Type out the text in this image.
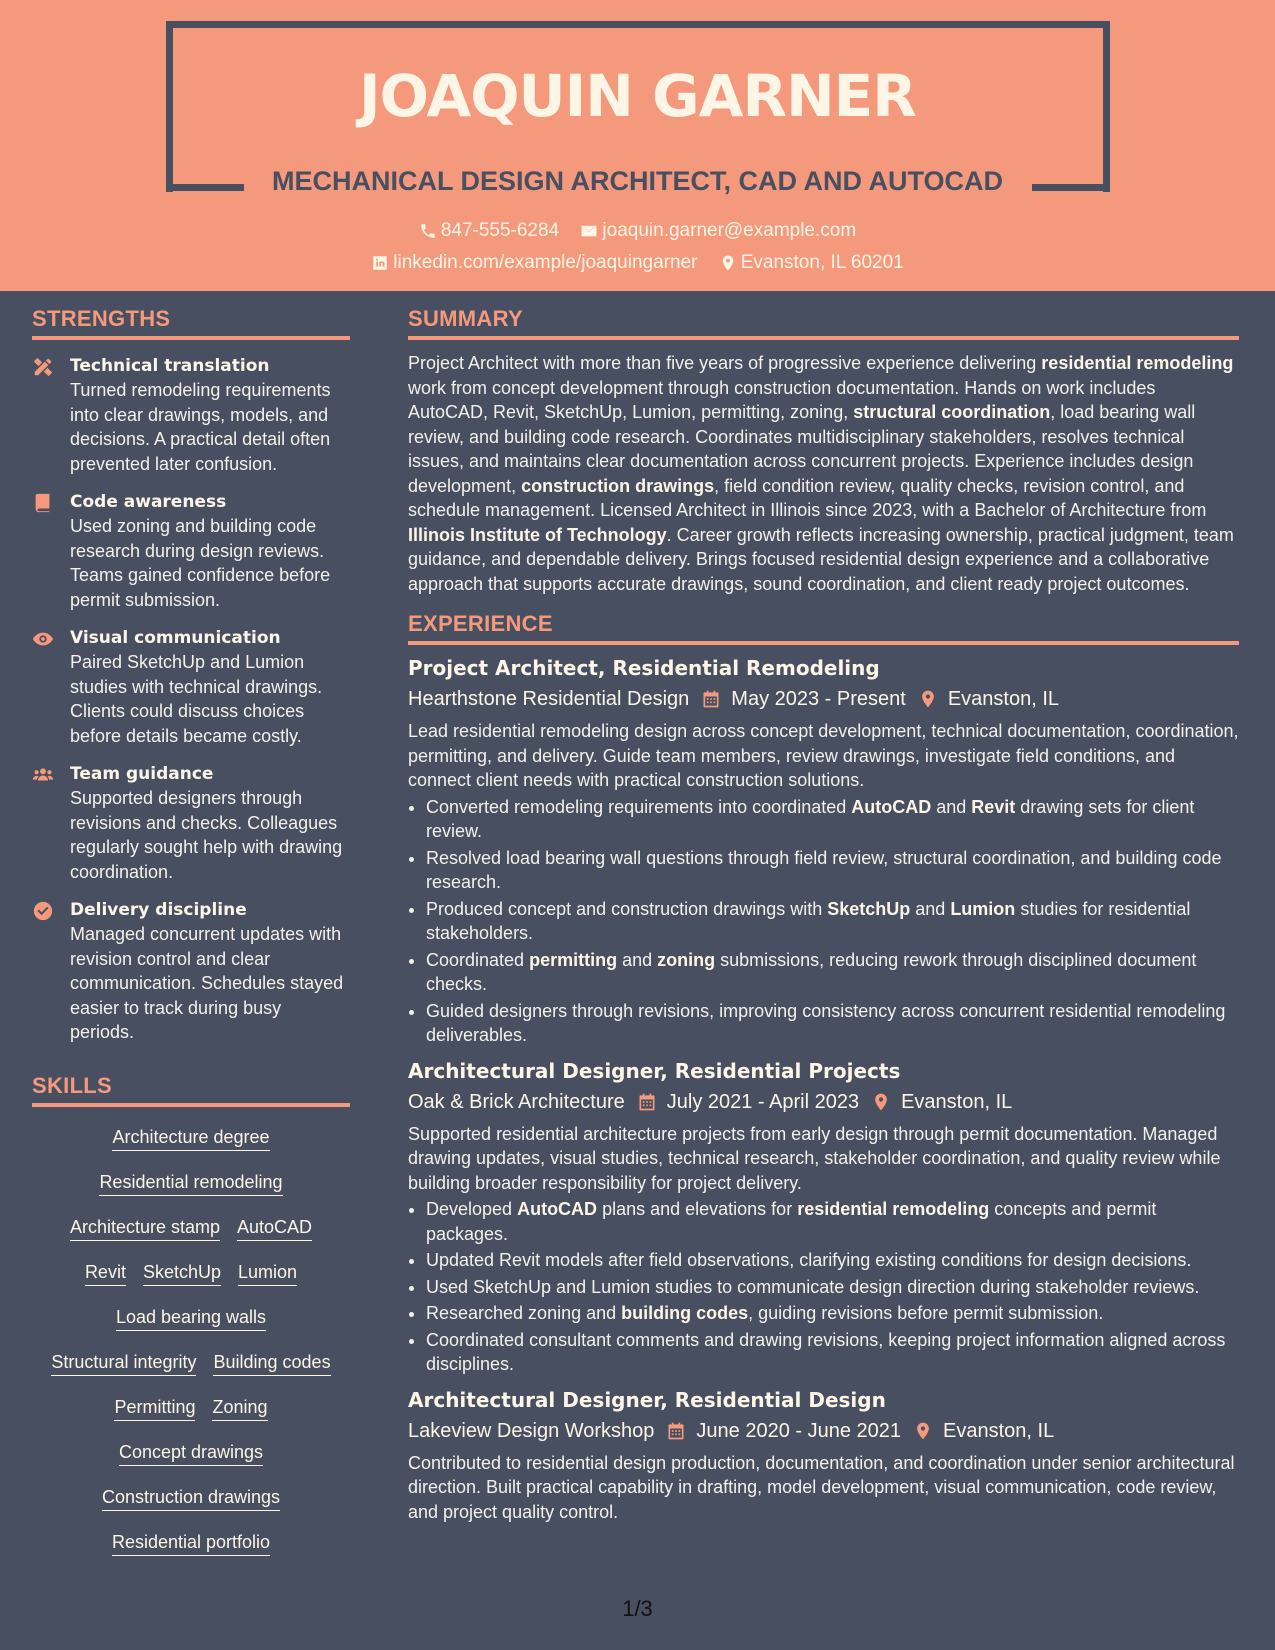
JOAQUIN GARNER
MECHANICAL DESIGN ARCHITECT, CAD AND AUTOCAD
847-555-6284
joaquin.garner@example.com
linkedin.com/example/joaquingarner
Evanston, IL 60201
STRENGTHS
Technical translation
Turned remodeling requirements into clear drawings, models, and decisions. A practical detail often prevented later confusion.
Code awareness
Used zoning and building code research during design reviews. Teams gained confidence before permit submission.
Visual communication
Paired SketchUp and Lumion studies with technical drawings. Clients could discuss choices before details became costly.
Team guidance
Supported designers through revisions and checks. Colleagues regularly sought help with drawing coordination.
Delivery discipline
Managed concurrent updates with revision control and clear communication. Schedules stayed easier to track during busy periods.
SKILLS
Architecture degree
Residential remodeling
Architecture stamp AutoCAD
Revit SketchUp Lumion
Load bearing walls
Structural integrity Building codes
Permitting Zoning
Concept drawings
Construction drawings
Residential portfolio
SUMMARY
Project Architect with more than five years of progressive experience delivering residential remodeling work from concept development through construction documentation. Hands on work includes AutoCAD, Revit, SketchUp, Lumion, permitting, zoning, structural coordination, load bearing wall review, and building code research. Coordinates multidisciplinary stakeholders, resolves technical issues, and maintains clear documentation across concurrent projects. Experience includes design development, construction drawings, field condition review, quality checks, revision control, and schedule management. Licensed Architect in Illinois since 2023, with a Bachelor of Architecture from Illinois Institute of Technology. Career growth reflects increasing ownership, practical judgment, team guidance, and dependable delivery. Brings focused residential design experience and a collaborative approach that supports accurate drawings, sound coordination, and client ready project outcomes.
EXPERIENCE
Project Architect, Residential Remodeling
Hearthstone Residential Design May 2023 - Present Evanston, IL
Lead residential remodeling design across concept development, technical documentation, coordination, permitting, and delivery. Guide team members, review drawings, investigate field conditions, and connect client needs with practical construction solutions.
• Converted remodeling requirements into coordinated AutoCAD and Revit drawing sets for client review.
• Resolved load bearing wall questions through field review, structural coordination, and building code research.
• Produced concept and construction drawings with SketchUp and Lumion studies for residential stakeholders.
• Coordinated permitting and zoning submissions, reducing rework through disciplined document checks.
• Guided designers through revisions, improving consistency across concurrent residential remodeling deliverables.
Architectural Designer, Residential Projects
Oak & Brick Architecture July 2021 - April 2023 Evanston, IL
Supported residential architecture projects from early design through permit documentation. Managed drawing updates, visual studies, technical research, stakeholder coordination, and quality review while building broader responsibility for project delivery.
• Developed AutoCAD plans and elevations for residential remodeling concepts and permit packages.
• Updated Revit models after field observations, clarifying existing conditions for design decisions.
• Used SketchUp and Lumion studies to communicate design direction during stakeholder reviews.
• Researched zoning and building codes, guiding revisions before permit submission.
• Coordinated consultant comments and drawing revisions, keeping project information aligned across disciplines.
Architectural Designer, Residential Design
Lakeview Design Workshop June 2020 - June 2021 Evanston, IL
Contributed to residential design production, documentation, and coordination under senior architectural direction. Built practical capability in drafting, model development, visual communication, code review, and project quality control.
1/3
